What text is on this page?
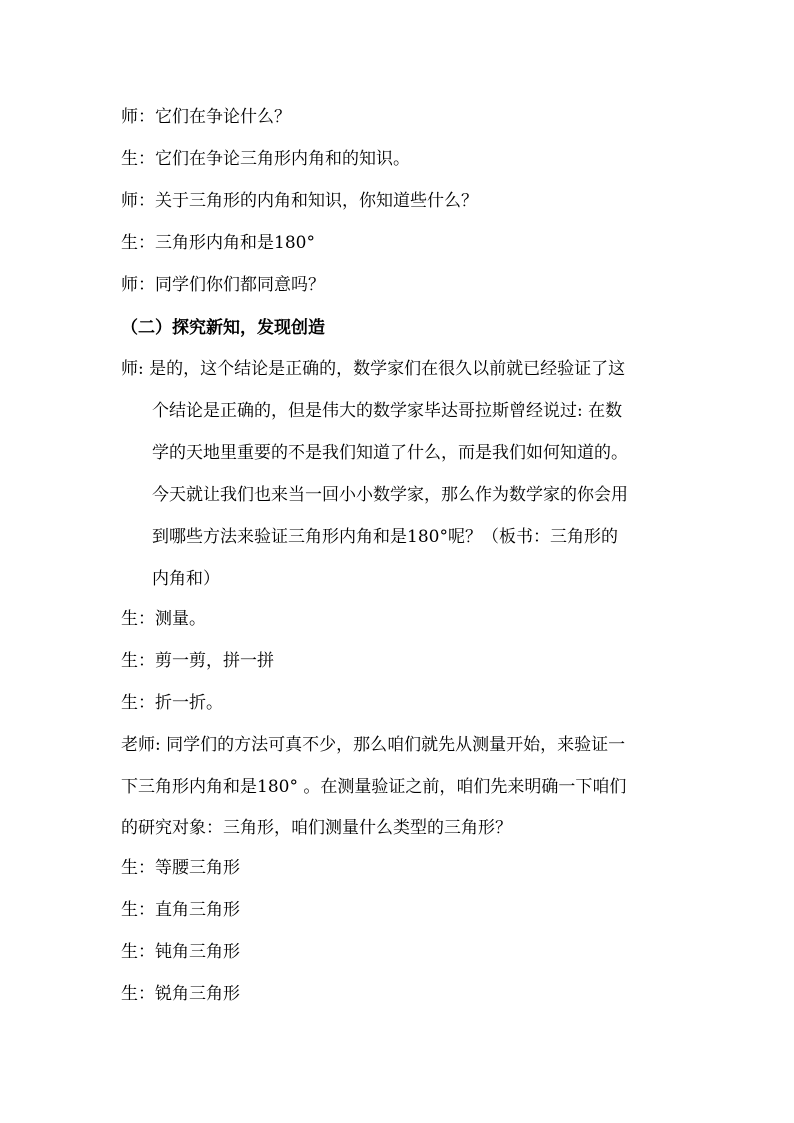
师：它们在争论什么？
生：它们在争论三角形内角和的知识。
师：关于三角形的内角和知识，你知道些什么？
生：三角形内角和是180°
师：同学们你们都同意吗？
（二）探究新知，发现创造
师: 是的，这个结论是正确的，数学家们在很久以前就已经验证了这
个结论是正确的，但是伟大的数学家毕达哥拉斯曾经说过: 在数
学的天地里重要的不是我们知道了什么，而是我们如何知道的。
今天就让我们也来当一回小小数学家，那么作为数学家的你会用
到哪些方法来验证三角形内角和是180°呢？（板书：三角形的
内角和）
生：测量。
生：剪一剪，拼一拼
生：折一折。
老师: 同学们的方法可真不少，那么咱们就先从测量开始，来验证一
下三角形内角和是180° 。在测量验证之前，咱们先来明确一下咱们
的研究对象：三角形，咱们测量什么类型的三角形？
生：等腰三角形
生：直角三角形
生：钝角三角形
生：锐角三角形
